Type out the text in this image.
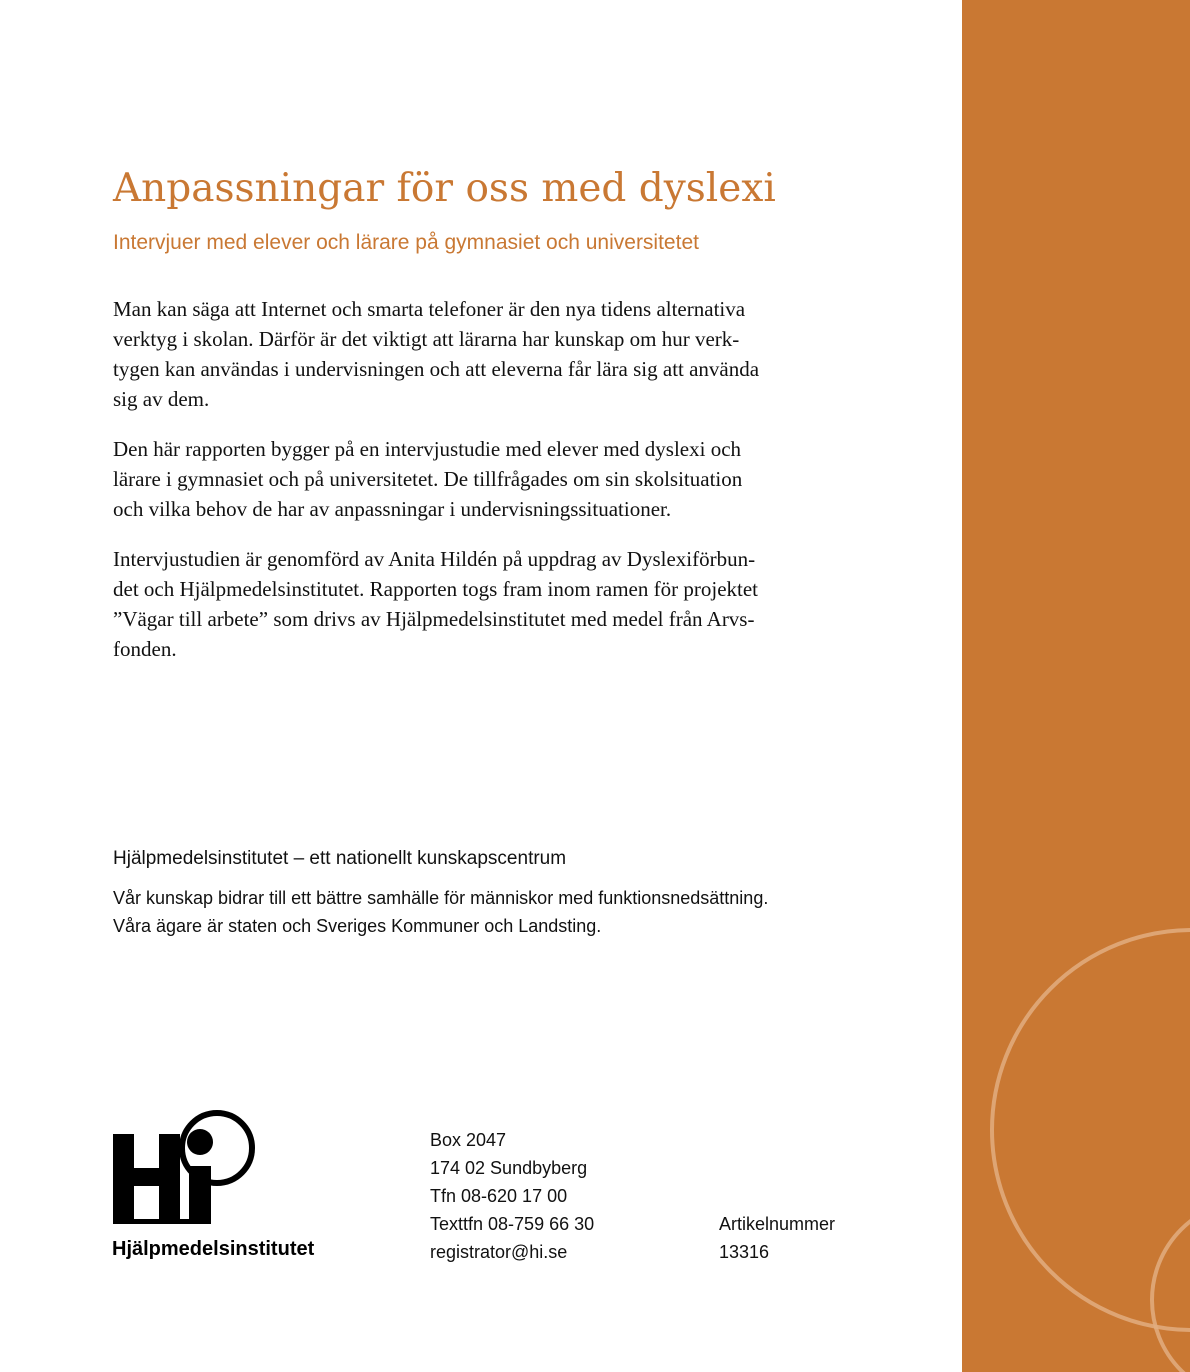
Anpassningar för oss med dyslexi
Intervjuer med elever och lärare på gymnasiet och universitetet

Man kan säga att Internet och smarta telefoner är den nya tidens alternativa
verktyg i skolan. Därför är det viktigt att lärarna har kunskap om hur verk-
tygen kan användas i undervisningen och att eleverna får lära sig att använda
sig av dem.

Den här rapporten bygger på en intervjustudie med elever med dyslexi och
lärare i gymnasiet och på universitetet. De tillfrågades om sin skolsituation
och vilka behov de har av anpassningar i undervisningssituationer.

Intervjustudien är genomförd av Anita Hildén på uppdrag av Dyslexiförbun-
det och Hjälpmedelsinstitutet. Rapporten togs fram inom ramen för projektet
”Vägar till arbete” som drivs av Hjälpmedelsinstitutet med medel från Arvs-
fonden.

Hjälpmedelsinstitutet – ett nationellt kunskapscentrum
Vår kunskap bidrar till ett bättre samhälle för människor med funktionsnedsättning.
Våra ägare är staten och Sveriges Kommuner och Landsting.
Hjälpmedelsinstitutet
Box 2047
174 02 Sundbyberg
Tfn 08-620 17 00
Texttfn 08-759 66 30
registrator@hi.se
Artikelnummer
13316
